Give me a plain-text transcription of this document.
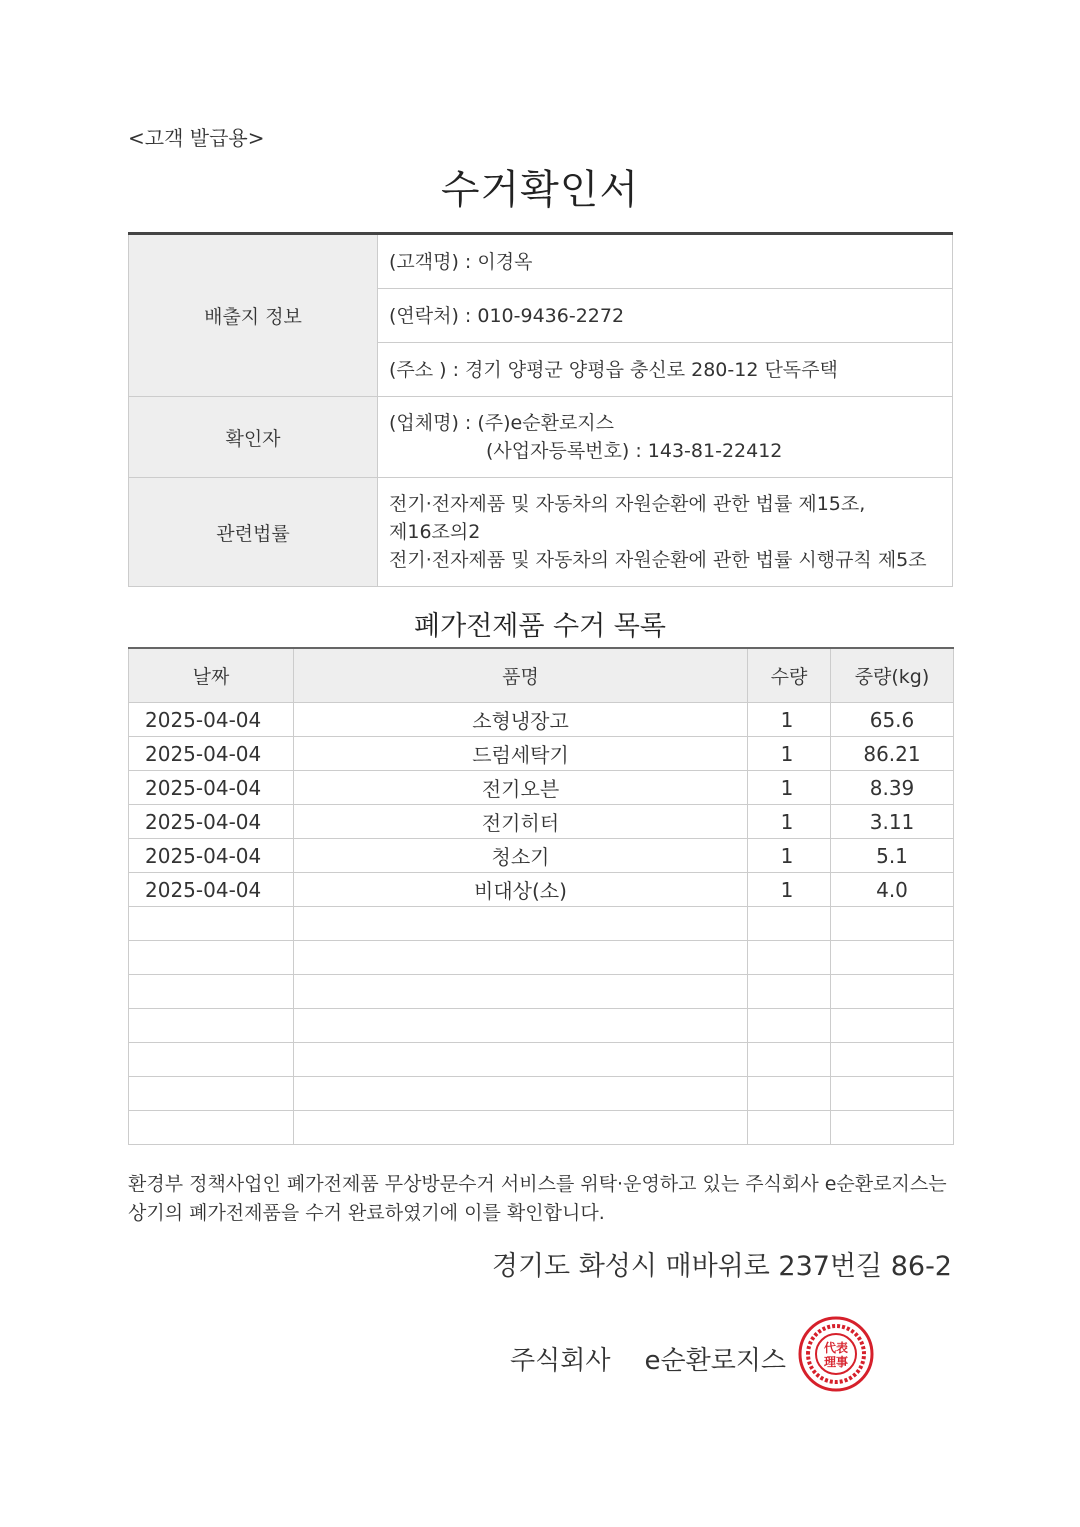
<고객 발급용>
수거확인서
배출지 정보	(고객명) : 이경옥
	(연락처) : 010-9436-2272
	(주소 ) : 경기 양평군 양평읍 충신로 280-12 단독주택
확인자	(업체명) : (주)e순환로지스
(사업자등록번호) : 143-81-22412

관련법률	전기·전자제품 및 자동차의 자원순환에 관한 법률 제15조,
제16조의2
전기·전자제품 및 자동차의 자원순환에 관한 법률 시행규칙 제5조
폐가전제품 수거 목록
날짜	품명	수량	중량(kg)
2025-04-04	소형냉장고	1	65.6
2025-04-04	드럼세탁기	1	86.21
2025-04-04	전기오븐	1	8.39
2025-04-04	전기히터	1	3.11
2025-04-04	청소기	1	5.1
2025-04-04	비대상(소)	1	4.0

환경부 정책사업인 폐가전제품 무상방문수거 서비스를 위탁·운영하고 있는 주식회사 e순환로지스는 상기의 폐가전제품을 수거 완료하였기에 이를 확인합니다.
경기도 화성시 매바위로 237번길 86-2
주식회사 e순환로지스	代表
理事
